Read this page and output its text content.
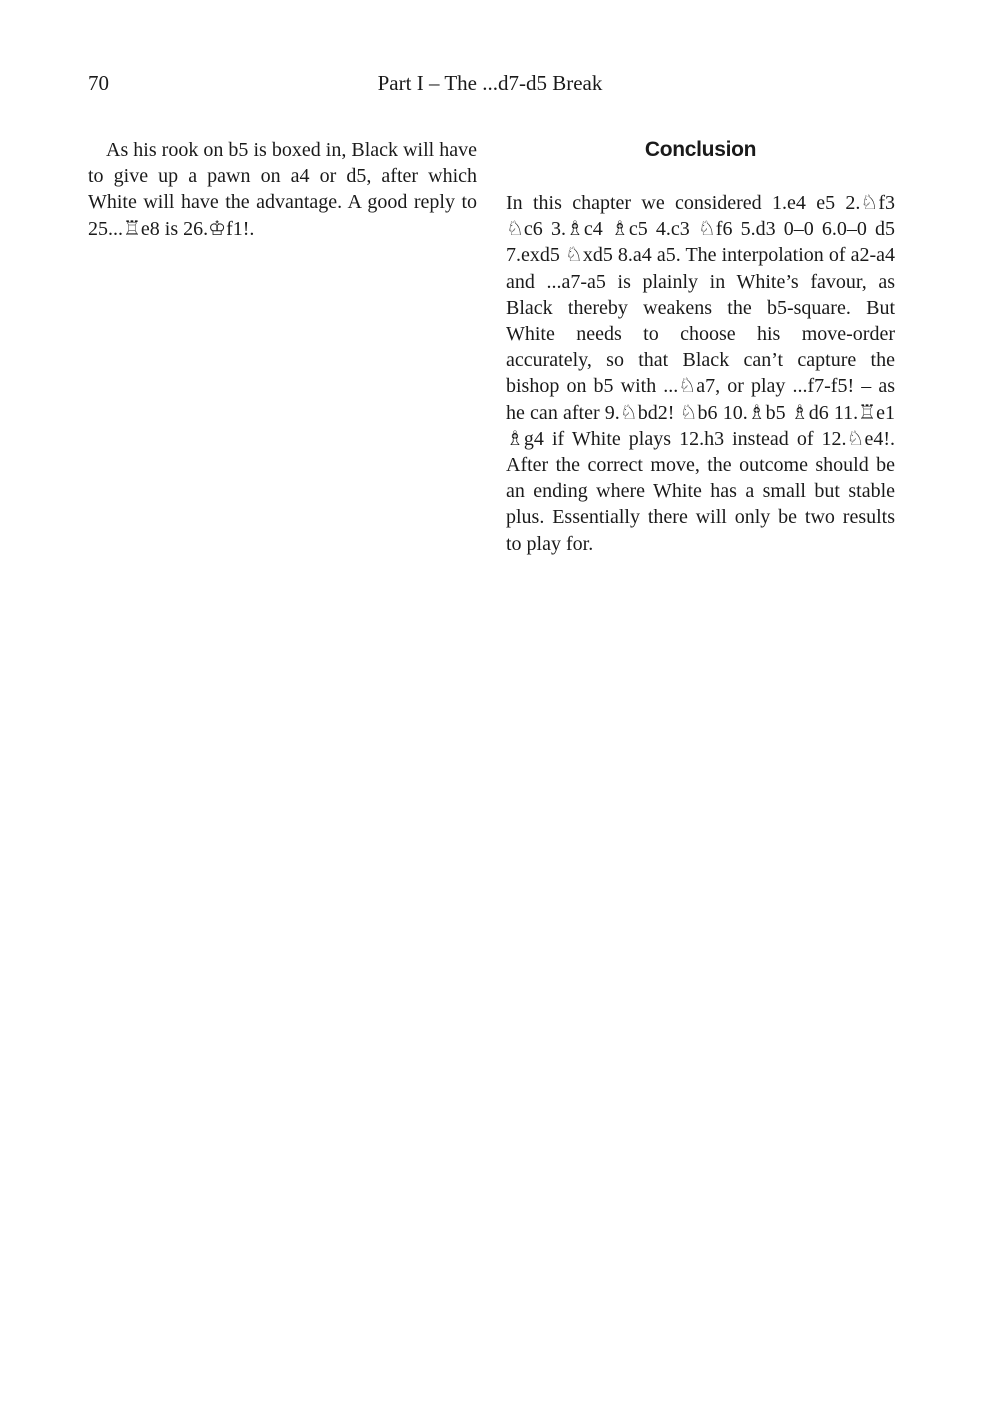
70	Part I – The ...d7-d5 Break

As his rook on b5 is boxed in, Black will have to give up a pawn on a4 or d5, after which White will have the advantage. A good reply to 25...♖e8 is 26.♔f1!.

Conclusion

In this chapter we considered 1.e4 e5 2.♘f3 ♘c6 3.♗c4 ♗c5 4.c3 ♘f6 5.d3 0–0 6.0–0 d5 7.exd5 ♘xd5 8.a4 a5. The interpolation of a2-a4 and ...a7-a5 is plainly in White’s favour, as Black thereby weakens the b5-square. But White needs to choose his move-order accurately, so that Black can’t capture the bishop on b5 with ...♘a7, or play ...f7-f5! – as he can after 9.♘bd2! ♘b6 10.♗b5 ♗d6 11.♖e1 ♗g4 if White plays 12.h3 instead of 12.♘e4!. After the correct move, the outcome should be an ending where White has a small but stable plus. Essentially there will only be two results to play for.
